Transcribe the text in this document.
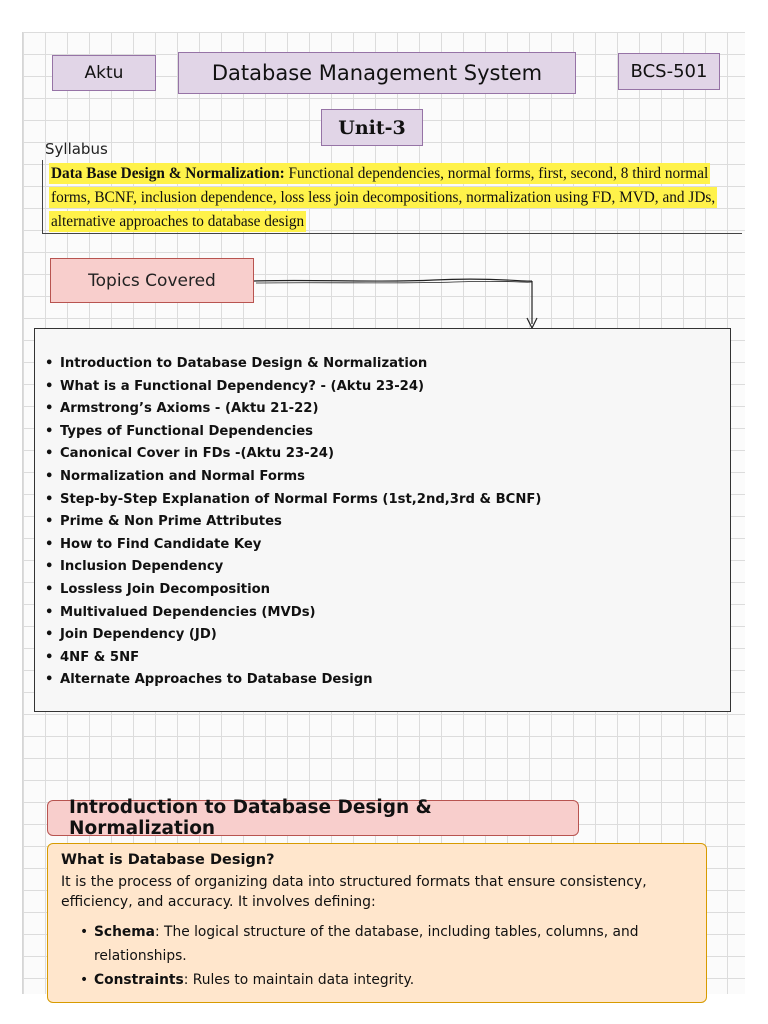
Aktu	Database Management System	BCS-501
Unit-3
Syllabus
Data Base Design & Normalization: Functional dependencies, normal forms, first, second, 8 third normal forms, BCNF, inclusion dependence, loss less join decompositions, normalization using FD, MVD, and JDs, alternative approaches to database design
Topics Covered
• Introduction to Database Design & Normalization
• What is a Functional Dependency? - (Aktu 23-24)
• Armstrong’s Axioms - (Aktu 21-22)
• Types of Functional Dependencies
• Canonical Cover in FDs -(Aktu 23-24)
• Normalization and Normal Forms
• Step-by-Step Explanation of Normal Forms (1st,2nd,3rd & BCNF)
• Prime & Non Prime Attributes
• How to Find Candidate Key
• Inclusion Dependency
• Lossless Join Decomposition
• Multivalued Dependencies (MVDs)
• Join Dependency (JD)
• 4NF & 5NF
• Alternate Approaches to Database Design
Introduction to Database Design & Normalization
What is Database Design?
It is the process of organizing data into structured formats that ensure consistency, efficiency, and accuracy. It involves defining:
• Schema: The logical structure of the database, including tables, columns, and
relationships.
• Constraints: Rules to maintain data integrity.
